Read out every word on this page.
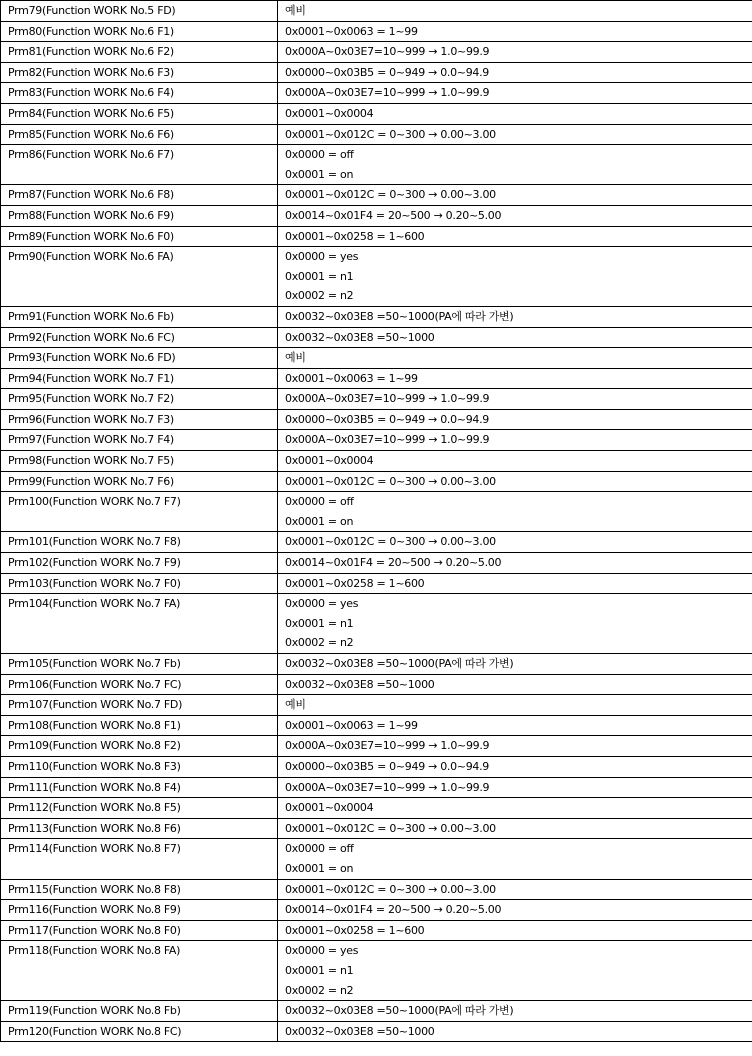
Prm79(Function WORK No.5 FD)	예비

Prm80(Function WORK No.6 F1)	0x0001~0x0063 = 1~99

Prm81(Function WORK No.6 F2)	0x000A~0x03E7=10~999 → 1.0~99.9

Prm82(Function WORK No.6 F3)	0x0000~0x03B5 = 0~949 → 0.0~94.9

Prm83(Function WORK No.6 F4)	0x000A~0x03E7=10~999 → 1.0~99.9

Prm84(Function WORK No.6 F5)	0x0001~0x0004

Prm85(Function WORK No.6 F6)	0x0001~0x012C = 0~300 → 0.00~3.00

Prm86(Function WORK No.6 F7)	0x0000 = off
0x0001 = on

Prm87(Function WORK No.6 F8)	0x0001~0x012C = 0~300 → 0.00~3.00

Prm88(Function WORK No.6 F9)	0x0014~0x01F4 = 20~500 → 0.20~5.00

Prm89(Function WORK No.6 F0)	0x0001~0x0258 = 1~600

Prm90(Function WORK No.6 FA)	0x0000 = yes
0x0001 = n1
0x0002 = n2

Prm91(Function WORK No.6 Fb)	0x0032~0x03E8 =50~1000(PA에 따라 가변)

Prm92(Function WORK No.6 FC)	0x0032~0x03E8 =50~1000

Prm93(Function WORK No.6 FD)	예비

Prm94(Function WORK No.7 F1)	0x0001~0x0063 = 1~99

Prm95(Function WORK No.7 F2)	0x000A~0x03E7=10~999 → 1.0~99.9

Prm96(Function WORK No.7 F3)	0x0000~0x03B5 = 0~949 → 0.0~94.9

Prm97(Function WORK No.7 F4)	0x000A~0x03E7=10~999 → 1.0~99.9

Prm98(Function WORK No.7 F5)	0x0001~0x0004

Prm99(Function WORK No.7 F6)	0x0001~0x012C = 0~300 → 0.00~3.00

Prm100(Function WORK No.7 F7)	0x0000 = off
0x0001 = on

Prm101(Function WORK No.7 F8)	0x0001~0x012C = 0~300 → 0.00~3.00

Prm102(Function WORK No.7 F9)	0x0014~0x01F4 = 20~500 → 0.20~5.00

Prm103(Function WORK No.7 F0)	0x0001~0x0258 = 1~600

Prm104(Function WORK No.7 FA)	0x0000 = yes
0x0001 = n1
0x0002 = n2

Prm105(Function WORK No.7 Fb)	0x0032~0x03E8 =50~1000(PA에 따라 가변)

Prm106(Function WORK No.7 FC)	0x0032~0x03E8 =50~1000

Prm107(Function WORK No.7 FD)	예비

Prm108(Function WORK No.8 F1)	0x0001~0x0063 = 1~99

Prm109(Function WORK No.8 F2)	0x000A~0x03E7=10~999 → 1.0~99.9

Prm110(Function WORK No.8 F3)	0x0000~0x03B5 = 0~949 → 0.0~94.9

Prm111(Function WORK No.8 F4)	0x000A~0x03E7=10~999 → 1.0~99.9

Prm112(Function WORK No.8 F5)	0x0001~0x0004

Prm113(Function WORK No.8 F6)	0x0001~0x012C = 0~300 → 0.00~3.00

Prm114(Function WORK No.8 F7)	0x0000 = off
0x0001 = on

Prm115(Function WORK No.8 F8)	0x0001~0x012C = 0~300 → 0.00~3.00

Prm116(Function WORK No.8 F9)	0x0014~0x01F4 = 20~500 → 0.20~5.00

Prm117(Function WORK No.8 F0)	0x0001~0x0258 = 1~600

Prm118(Function WORK No.8 FA)	0x0000 = yes
0x0001 = n1
0x0002 = n2

Prm119(Function WORK No.8 Fb)	0x0032~0x03E8 =50~1000(PA에 따라 가변)

Prm120(Function WORK No.8 FC)	0x0032~0x03E8 =50~1000
